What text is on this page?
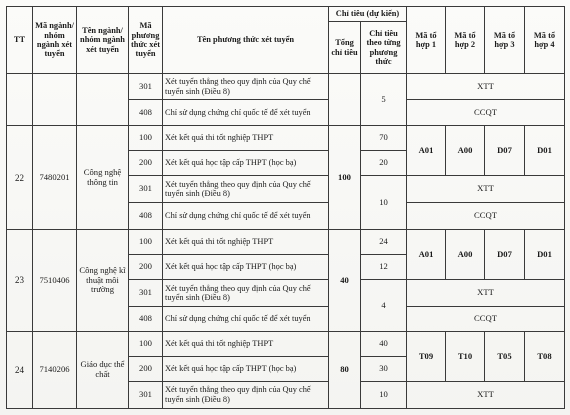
TT	Mã ngành/ nhóm ngành xét tuyển	Tên ngành/ nhóm ngành xét tuyển	Mã phương thức xét tuyển	Tên phương thức xét tuyển	Chỉ tiêu (dự kiến)		Mã tổ hợp 1	Mã tổ hợp 2	Mã tổ hợp 3	Mã tổ hợp 4
					Tổng chỉ tiêu	Chỉ tiêu theo từng phương thức				
			301	Xét tuyển thẳng theo quy định của Quy chế tuyển sinh (Điều 8)		5	XTT			
			408	Chỉ sử dụng chứng chỉ quốc tế để xét tuyển			CCQT			
22	7480201	Công nghệ thông tin	100	Xét kết quả thi tốt nghiệp THPT	100	70	A01	A00	D07	D01
			200	Xét kết quả học tập cấp THPT (học bạ)		20				
			301	Xét tuyển thẳng theo quy định của Quy chế tuyển sinh (Điều 8)		10	XTT			
			408	Chỉ sử dụng chứng chỉ quốc tế để xét tuyển			CCQT			
23	7510406	Công nghệ kĩ thuật môi trường	100	Xét kết quả thi tốt nghiệp THPT	40	24	A01	A00	D07	D01
			200	Xét kết quả học tập cấp THPT (học bạ)		12				
			301	Xét tuyển thẳng theo quy định của Quy chế tuyển sinh (Điều 8)		4	XTT			
			408	Chỉ sử dụng chứng chỉ quốc tế để xét tuyển			CCQT			
24	7140206	Giáo dục thể chất	100	Xét kết quả thi tốt nghiệp THPT	80	40	T09	T10	T05	T08
			200	Xét kết quả học tập cấp THPT (học bạ)		30				
			301	Xét tuyển thẳng theo quy định của Quy chế tuyển sinh (Điều 8)		10	XTT			
